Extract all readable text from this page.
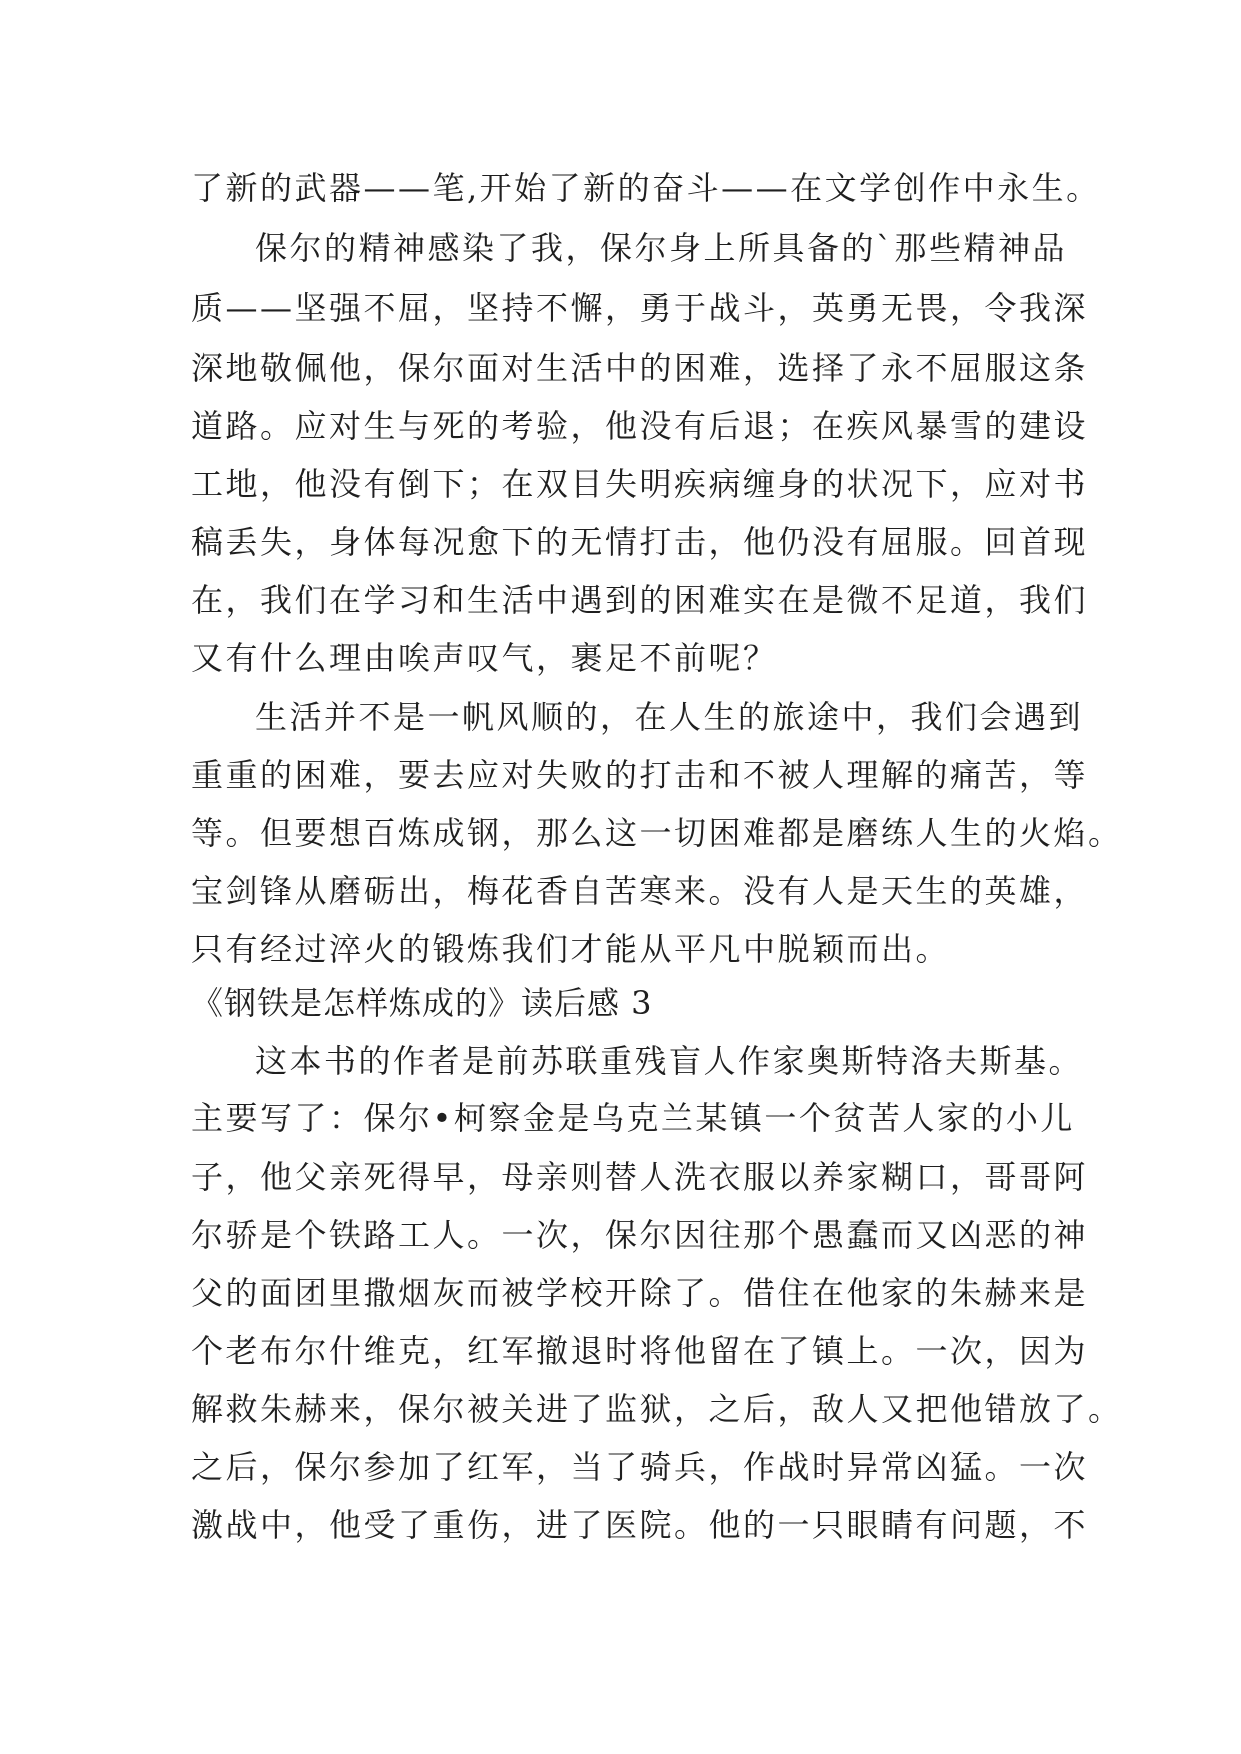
了新的武器——笔,开始了新的奋斗——在文学创作中永生。
保尔的精神感染了我，保尔身上所具备的`那些精神品
质——坚强不屈，坚持不懈，勇于战斗，英勇无畏，令我深
深地敬佩他，保尔面对生活中的困难，选择了永不屈服这条
道路。应对生与死的考验，他没有后退；在疾风暴雪的建设
工地，他没有倒下；在双目失明疾病缠身的状况下，应对书
稿丢失，身体每况愈下的无情打击，他仍没有屈服。回首现
在，我们在学习和生活中遇到的困难实在是微不足道，我们
又有什么理由唉声叹气，裹足不前呢？
生活并不是一帆风顺的，在人生的旅途中，我们会遇到
重重的困难，要去应对失败的打击和不被人理解的痛苦，等
等。但要想百炼成钢，那么这一切困难都是磨练人生的火焰。
宝剑锋从磨砺出，梅花香自苦寒来。没有人是天生的英雄，
只有经过淬火的锻炼我们才能从平凡中脱颖而出。
《钢铁是怎样炼成的》读后感 3
这本书的作者是前苏联重残盲人作家奥斯特洛夫斯基。
主要写了：保尔•柯察金是乌克兰某镇一个贫苦人家的小儿
子，他父亲死得早，母亲则替人洗衣服以养家糊口，哥哥阿
尔骄是个铁路工人。一次，保尔因往那个愚蠢而又凶恶的神
父的面团里撒烟灰而被学校开除了。借住在他家的朱赫来是
个老布尔什维克，红军撤退时将他留在了镇上。一次，因为
解救朱赫来，保尔被关进了监狱，之后，敌人又把他错放了。
之后，保尔参加了红军，当了骑兵，作战时异常凶猛。一次
激战中，他受了重伤，进了医院。他的一只眼睛有问题，不
